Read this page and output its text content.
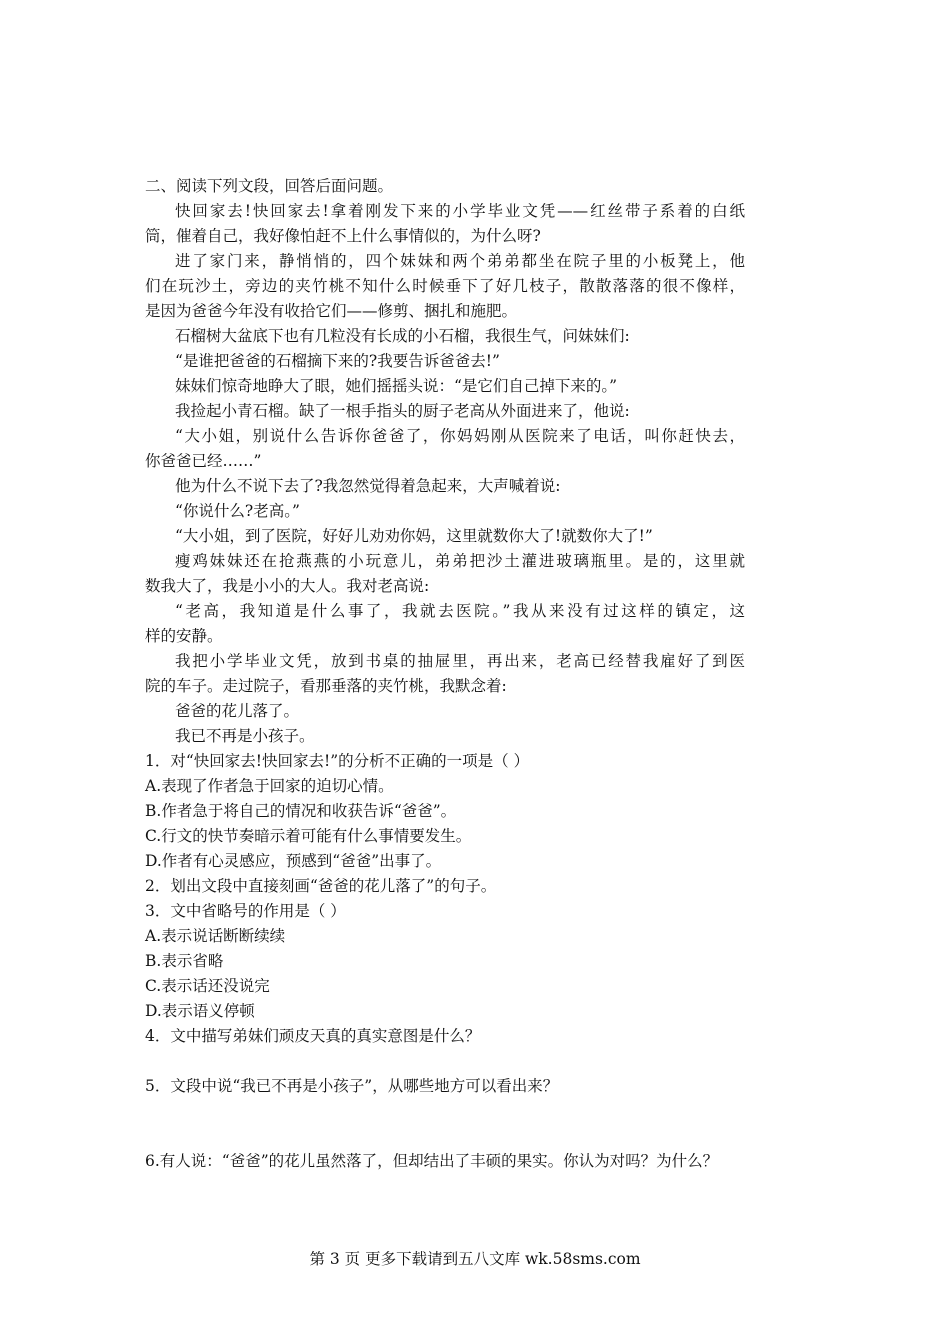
二、阅读下列文段，回答后面问题。
快回家去!快回家去!拿着刚发下来的小学毕业文凭——红丝带子系着的白纸
筒，催着自己，我好像怕赶不上什么事情似的，为什么呀?
进了家门来，静悄悄的，四个妹妹和两个弟弟都坐在院子里的小板凳上，他
们在玩沙土，旁边的夹竹桃不知什么时候垂下了好几枝子，散散落落的很不像样，
是因为爸爸今年没有收拾它们——修剪、捆扎和施肥。
石榴树大盆底下也有几粒没有长成的小石榴，我很生气，问妹妹们:
“是谁把爸爸的石榴摘下来的?我要告诉爸爸去!”
妹妹们惊奇地睁大了眼，她们摇摇头说：“是它们自己掉下来的。”
我捡起小青石榴。缺了一根手指头的厨子老高从外面进来了，他说:
“大小姐，别说什么告诉你爸爸了，你妈妈刚从医院来了电话，叫你赶快去，
你爸爸已经……”
他为什么不说下去了?我忽然觉得着急起来，大声喊着说:
“你说什么?老高。”
“大小姐，到了医院，好好儿劝劝你妈，这里就数你大了!就数你大了!”
瘦鸡妹妹还在抢燕燕的小玩意儿，弟弟把沙土灌进玻璃瓶里。是的，这里就
数我大了，我是小小的大人。我对老高说:
“老高，我知道是什么事了，我就去医院。”我从来没有过这样的镇定，这
样的安静。
我把小学毕业文凭，放到书桌的抽屉里，再出来，老高已经替我雇好了到医
院的车子。走过院子，看那垂落的夹竹桃，我默念着:
爸爸的花儿落了。
我已不再是小孩子。
1．对“快回家去!快回家去!”的分析不正确的一项是（ ）
A.表现了作者急于回家的迫切心情。
B.作者急于将自己的情况和收获告诉“爸爸”。
C.行文的快节奏暗示着可能有什么事情要发生。
D.作者有心灵感应，预感到“爸爸”出事了。
2．划出文段中直接刻画“爸爸的花儿落了”的句子。
3．文中省略号的作用是（ ）
A.表示说话断断续续
B.表示省略
C.表示话还没说完
D.表示语义停顿
4．文中描写弟妹们顽皮天真的真实意图是什么？
5．文段中说“我已不再是小孩子”，从哪些地方可以看出来？
6.有人说：“爸爸”的花儿虽然落了，但却结出了丰硕的果实。你认为对吗？为什么？
第 3 页 更多下载请到五八文库 wk.58sms.com
